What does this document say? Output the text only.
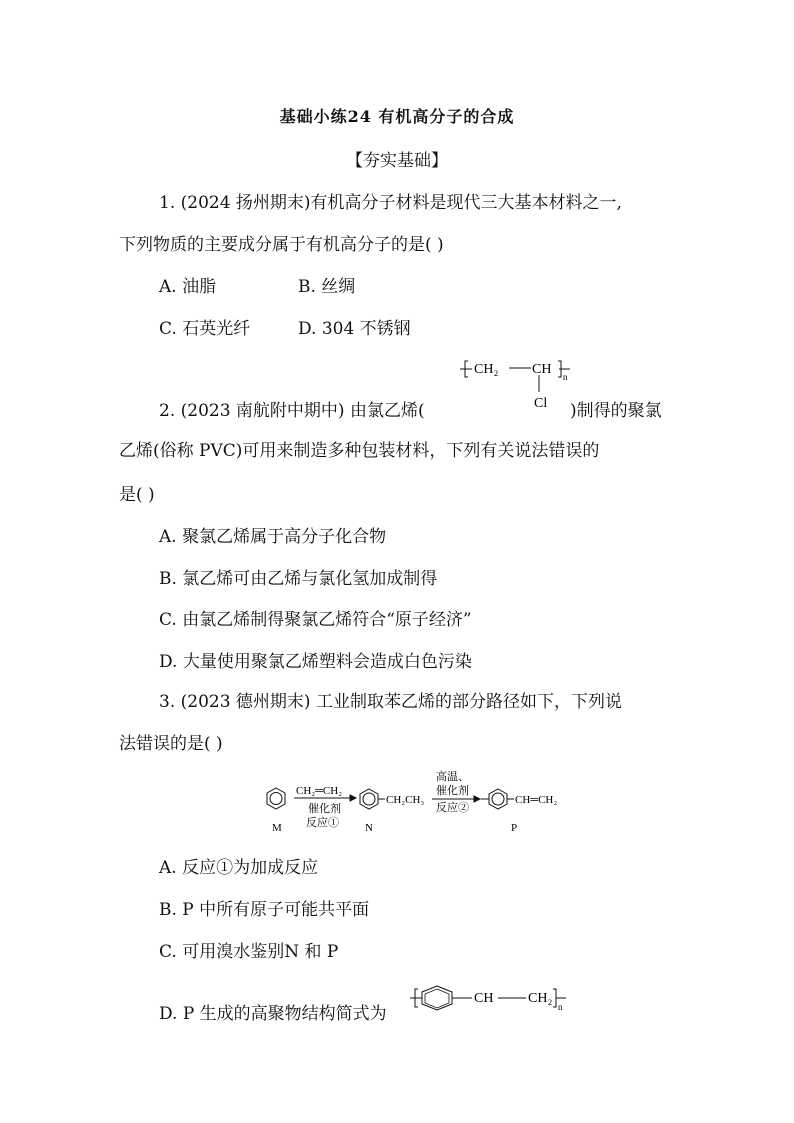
基础小练24 有机高分子的合成
【夯实基础】
1. (2024 扬州期末)有机高分子材料是现代三大基本材料之一,
下列物质的主要成分属于有机高分子的是( )
A. 油脂	B. 丝绸
C. 石英光纤	D. 304 不锈钢
CH₂ CH
Cl
n
2. (2023 南航附中期中) 由氯乙烯(	)制得的聚氯
乙烯(俗称 PVC)可用来制造多种包装材料，下列有关说法错误的
是( )
A. 聚氯乙烯属于高分子化合物
B. 氯乙烯可由乙烯与氯化氢加成制得
C. 由氯乙烯制得聚氯乙烯符合“原子经济”
D. 大量使用聚氯乙烯塑料会造成白色污染
3. (2023 德州期末) 工业制取苯乙烯的部分路径如下，下列说
法错误的是( )
CH₂═CH₂
催化剂
反应①
CH₂CH₃
高温、
催化剂
反应②
CH═CH₂
M	N	P
A. 反应①为加成反应
B. P 中所有原子可能共平面
C. 可用溴水鉴别N 和 P
D. P 生成的高聚物结构简式为
CH CH₂
n
